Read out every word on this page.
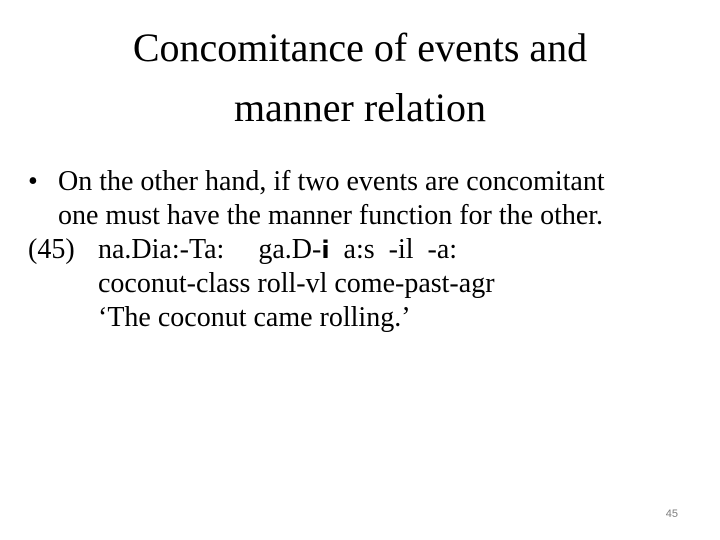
Concomitance of events and
manner relation
• On the other hand, if two events are concomitant
one must have the manner function for the other.
(45) na.Dia:-Ta: ga.D-i a:s -il -a:
coconut-class roll-vl come-past-agr
‘The coconut came rolling.’
45
